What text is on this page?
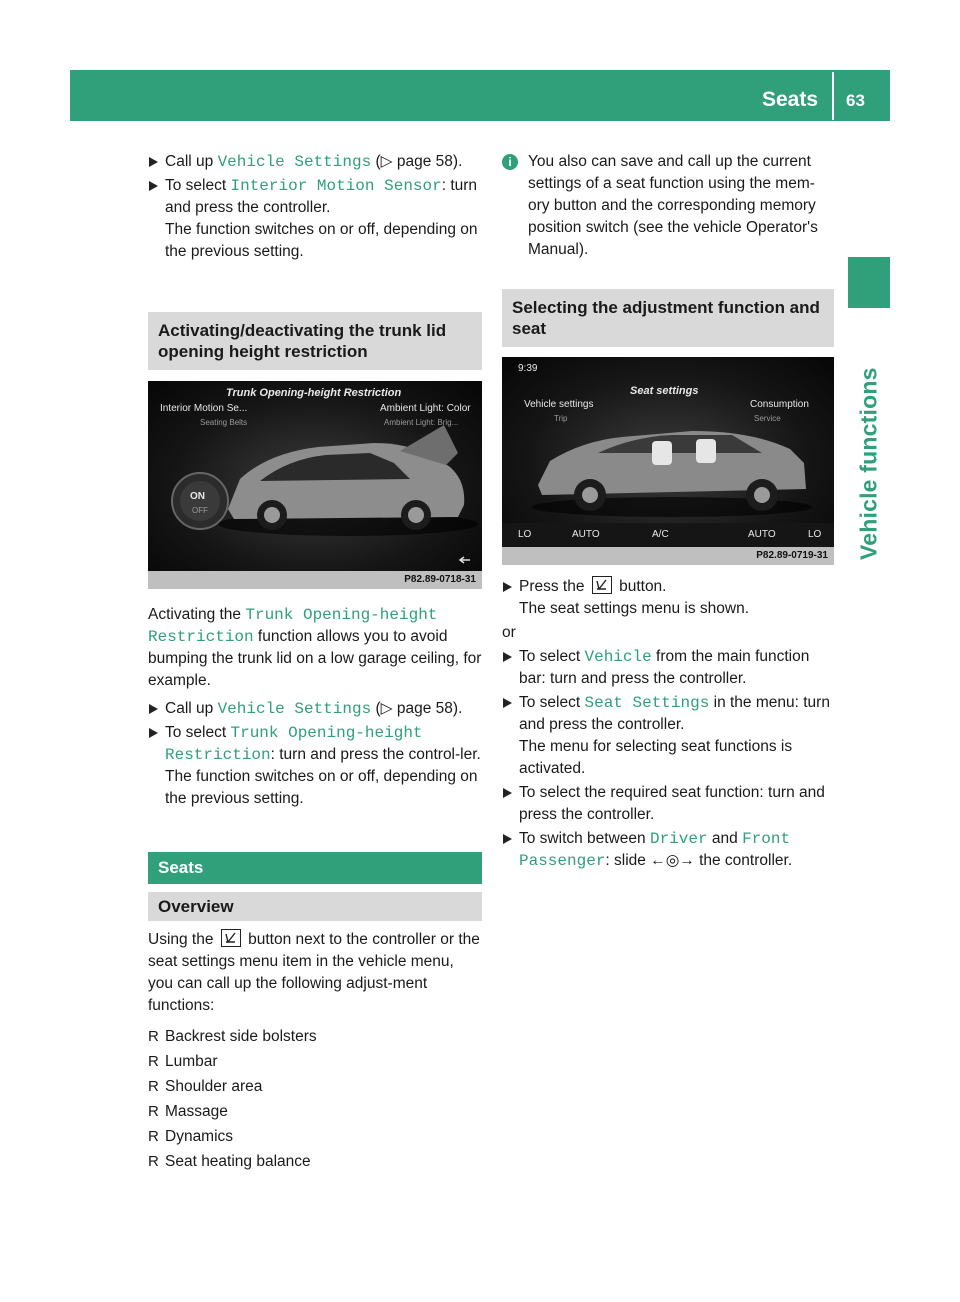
Seats 63
Vehicle functions
Call up Vehicle Settings (▷ page 58).
To select Interior Motion Sensor: turn and press the controller.

The function switches on or off, depending on the previous setting.

Activating/deactivating the trunk lid opening height restriction
Trunk Opening-height Restriction
Interior Motion Se...
Seating Belts
Ambient Light: Color
Ambient Light: Brig...
ON
OFF
P82.89-0718-31

Activating the Trunk Opening-height
Restriction function allows you to avoid bumping the trunk lid on a low garage ceiling, for example.

Call up Vehicle Settings (▷ page 58).
To select Trunk Opening-height
Restriction: turn and press the control-ler.

The function switches on or off, depending on the previous setting.

Seats
Overview

Using the
button next to the controller or the seat settings menu item in the vehicle menu, you can call up the following adjust-ment functions:

R Backrest side bolsters
R Lumbar
R Shoulder area
R Massage
R Dynamics
R Seat heating balance
i	You also can save and call up the current settings of a seat function using the mem-ory button and the corresponding memory position switch (see the vehicle Operator's Manual).
Selecting the adjustment function and seat
9:39
Seat settings
Vehicle settings
Trip
Consumption
Service
LO	AUTO	A/C	AUTO	LO
P82.89-0719-31
Press the
button.

The seat settings menu is shown.

or

To select Vehicle from the main function bar: turn and press the controller.
To select Seat Settings in the menu: turn and press the controller.

The menu for selecting seat functions is activated.

To select the required seat function: turn and press the controller.
To switch between Driver and Front
Passenger: slide ←◎→ the controller.
